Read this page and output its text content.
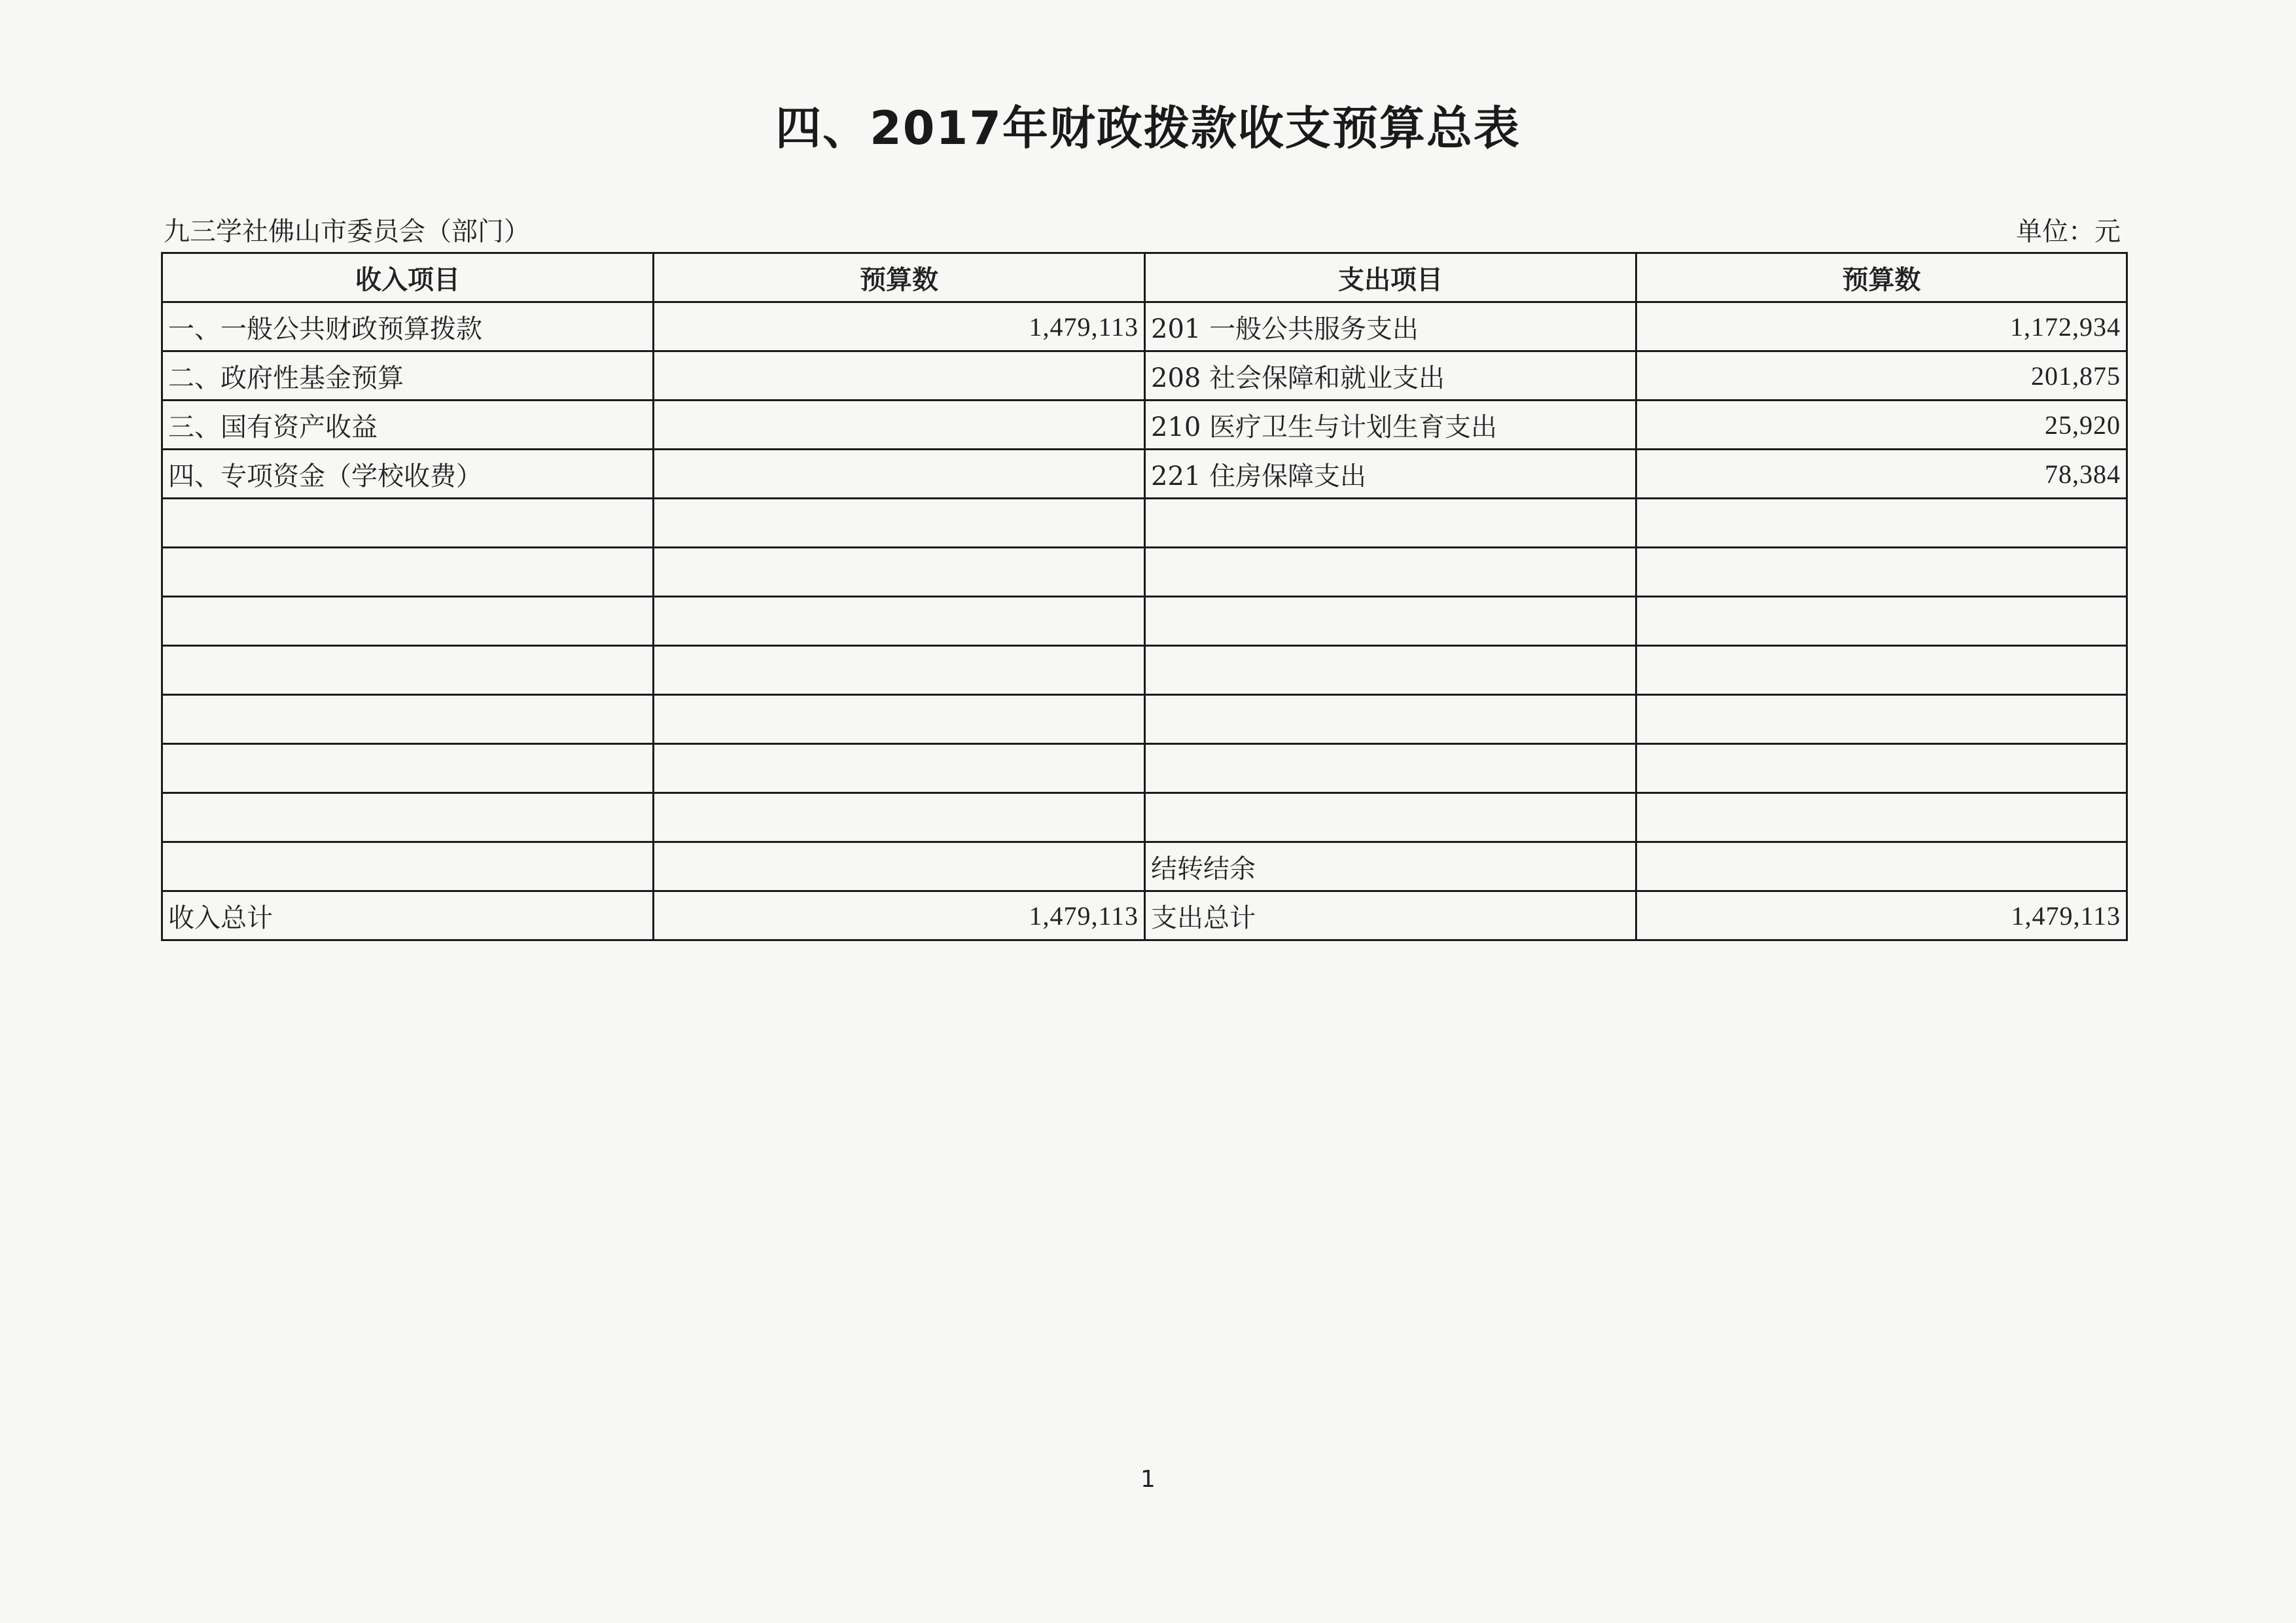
四、2017年财政拨款收支预算总表
九三学社佛山市委员会（部门）	单位：元
收入项目	预算数	支出项目	预算数
一、一般公共财政预算拨款	1,479,113	201 一般公共服务支出	1,172,934
二、政府性基金预算		208 社会保障和就业支出	201,875
三、国有资产收益		210 医疗卫生与计划生育支出	25,920
四、专项资金（学校收费）		221 住房保障支出	78,384

		结转结余	
收入总计	1,479,113	支出总计	1,479,113
1
